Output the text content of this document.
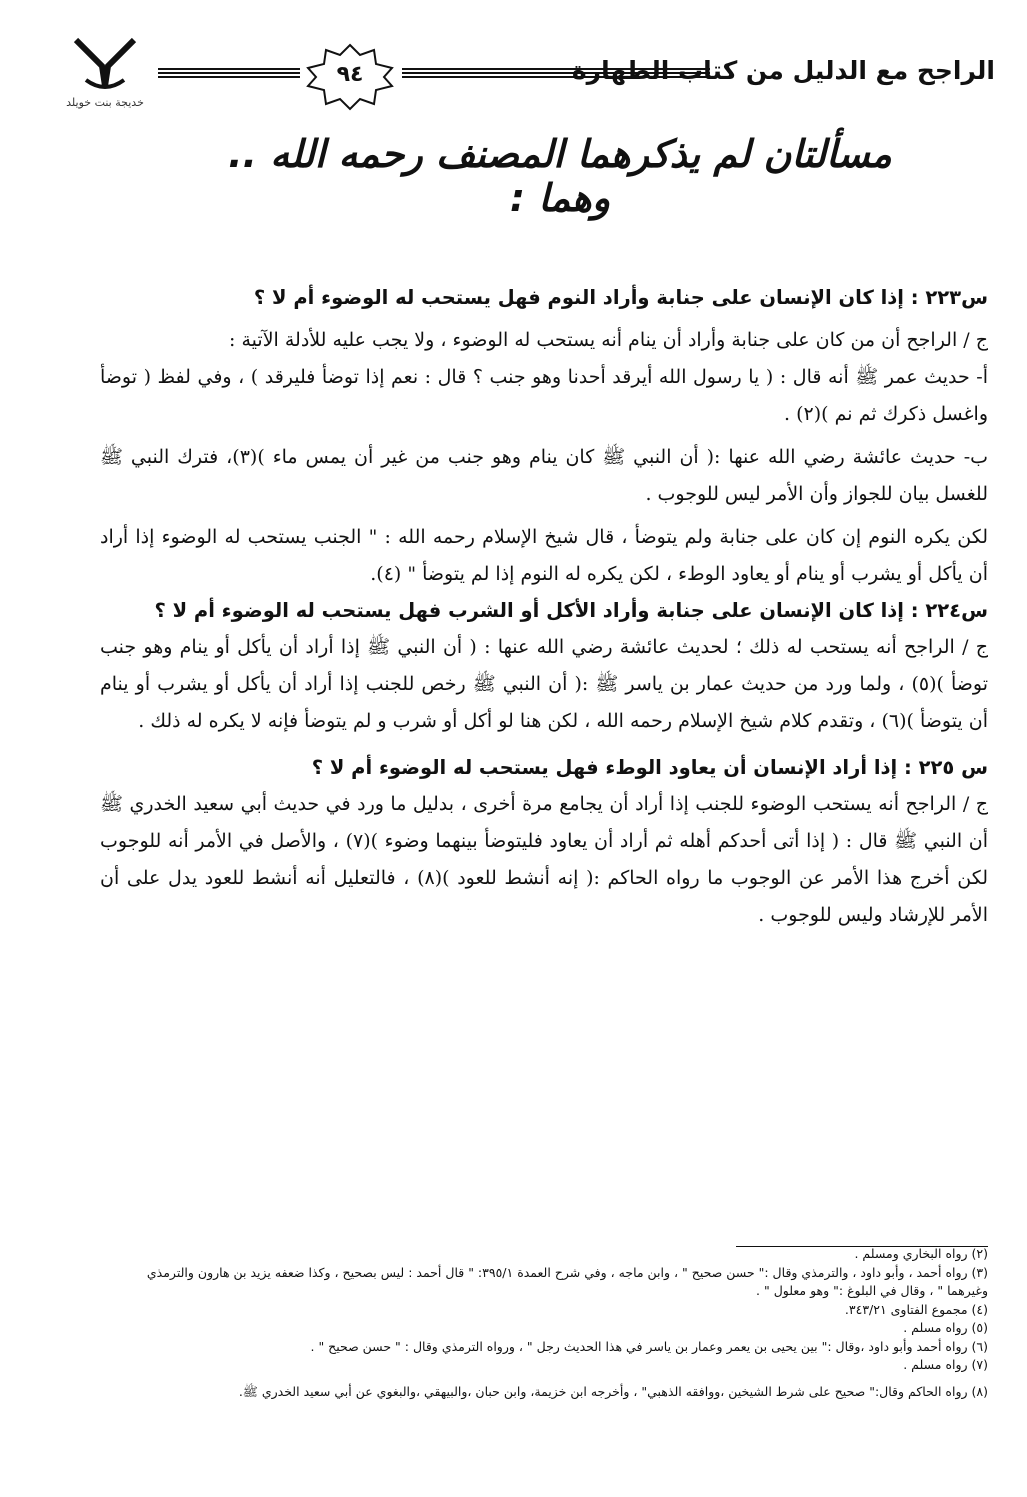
خديجة بنت خويلد
٩٤	الراجح مع الدليل من كتاب الطهارة
مسألتان لم يذكرهما المصنف رحمه الله .. وهما :

س٢٢٣ : إذا كان الإنسان على جنابة وأراد النوم فهل يستحب له الوضوء أم لا ؟

ج / الراجح أن من كان على جنابة وأراد أن ينام أنه يستحب له الوضوء ، ولا يجب عليه للأدلة الآتية :

أ- حديث عمر ﷺ أنه قال : ( يا رسول الله أيرقد أحدنا وهو جنب ؟ قال : نعم إذا توضأ فليرقد ) ، وفي لفظ ( توضأ واغسل ذكرك ثم نم )(٢) .

ب- حديث عائشة رضي الله عنها :( أن النبي ﷺ كان ينام وهو جنب من غير أن يمس ماء )(٣)، فترك النبي ﷺ للغسل بيان للجواز وأن الأمر ليس للوجوب .

لكن يكره النوم إن كان على جنابة ولم يتوضأ ، قال شيخ الإسلام رحمه الله : " الجنب يستحب له الوضوء إذا أراد أن يأكل أو يشرب أو ينام أو يعاود الوطء ، لكن يكره له النوم إذا لم يتوضأ " (٤).

س٢٢٤ : إذا كان الإنسان على جنابة وأراد الأكل أو الشرب فهل يستحب له الوضوء أم لا ؟

ج / الراجح أنه يستحب له ذلك ؛ لحديث عائشة رضي الله عنها : ( أن النبي ﷺ إذا أراد أن يأكل أو ينام وهو جنب توضأ )(٥) ، ولما ورد من حديث عمار بن ياسر ﷺ :( أن النبي ﷺ رخص للجنب إذا أراد أن يأكل أو يشرب أو ينام أن يتوضأ )(٦) ، وتقدم كلام شيخ الإسلام رحمه الله ، لكن هنا لو أكل أو شرب و لم يتوضأ فإنه لا يكره له ذلك .

س ٢٢٥ : إذا أراد الإنسان أن يعاود الوطء فهل يستحب له الوضوء أم لا ؟

ج / الراجح أنه يستحب الوضوء للجنب إذا أراد أن يجامع مرة أخرى ، بدليل ما ورد في حديث أبي سعيد الخدري ﷺ أن النبي ﷺ قال : ( إذا أتى أحدكم أهله ثم أراد أن يعاود فليتوضأ بينهما وضوء )(٧) ، والأصل في الأمر أنه للوجوب لكن أخرج هذا الأمر عن الوجوب ما رواه الحاكم :( إنه أنشط للعود )(٨) ، فالتعليل أنه أنشط للعود يدل على أن الأمر للإرشاد وليس للوجوب .

(٢) رواه البخاري ومسلم .

(٣) رواه أحمد ، وأبو داود ، والترمذي وقال :" حسن صحيح " ، وابن ماجه ، وفي شرح العمدة ٣٩٥/١: " قال أحمد : ليس بصحيح ، وكذا ضعفه يزيد بن هارون والترمذي وغيرهما " ، وقال في البلوغ :" وهو معلول " .

(٤) مجموع الفتاوى ٣٤٣/٢١.

(٥) رواه مسلم .

(٦) رواه أحمد وأبو داود ،وقال :" بين يحيى بن يعمر وعمار بن ياسر في هذا الحديث رجل " ، ورواه الترمذي وقال : " حسن صحيح " .

(٧) رواه مسلم .

(٨) رواه الحاكم وقال:" صحيح على شرط الشيخين ،ووافقه الذهبي" ، وأخرجه ابن خزيمة، وابن حبان ،والبيهقي ،والبغوي عن أبي سعيد الخدري ﷺ.
